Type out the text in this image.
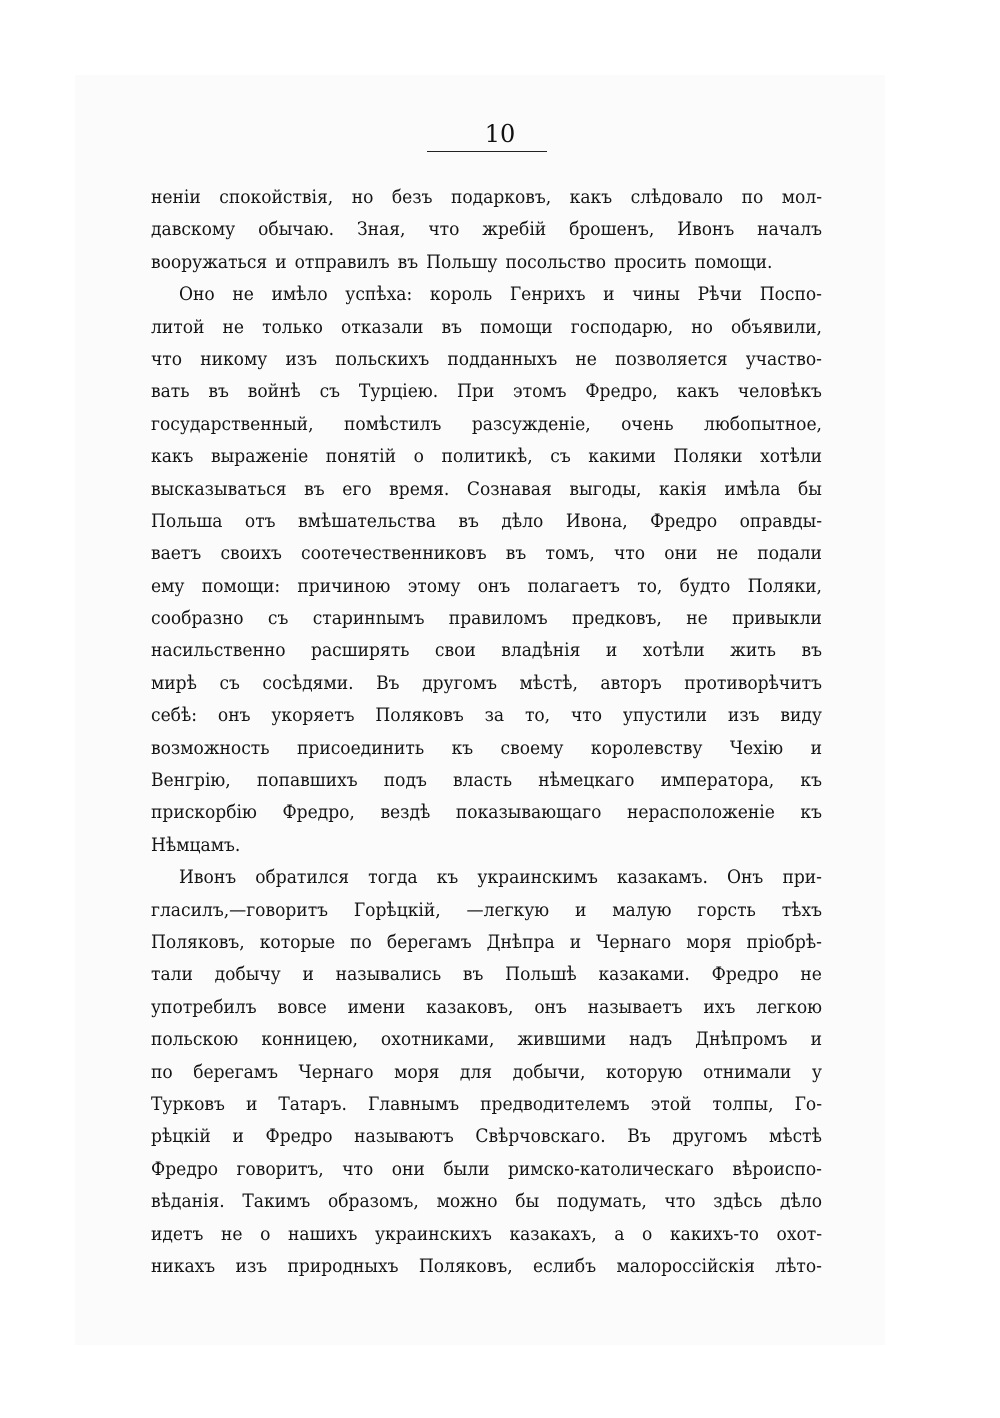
10
неніи спокойствія, но безъ подарковъ, какъ слѣдовало по мол-
давскому обычаю. Зная, что жребій брошенъ, Ивонъ началъ
вооружаться и отправилъ въ Польшу посольство просить помощи.
Оно не имѣло успѣха: король Генрихъ и чины Рѣчи Поспо-
литой не только отказали въ помощи господарю, но объявили,
что никому изъ польскихъ подданныхъ не позволяется участво-
вать въ войнѣ съ Турціею. При этомъ Фредро, какъ человѣкъ
государственный, помѣстилъ разсужденіе, очень любопытное,
какъ выраженіе понятій о политикѣ, съ какими Поляки хотѣли
высказываться въ его время. Сознавая выгоды, какія имѣла бы
Польша отъ вмѣшательства въ дѣло Ивона, Фредро оправды-
ваетъ своихъ соотечественниковъ въ томъ, что они не подали
ему помощи: причиною этому онъ полагаетъ то, будто Поляки,
сообразно съ старинnымъ правиломъ предковъ, не привыкли
насильственно расширять свои владѣнія и хотѣли жить въ
мирѣ съ сосѣдями. Въ другомъ мѣстѣ, авторъ противорѣчитъ
себѣ: онъ укоряетъ Поляковъ за то, что упустили изъ виду
возможность присоединить къ своему королевству Чехію и
Венгрію, попавшихъ подъ власть нѣмецкаго императора, къ
прискорбію Фредро, вездѣ показывающаго нерасположеніе къ
Нѣмцамъ.
Ивонъ обратился тогда къ украинскимъ казакамъ. Онъ при-
гласилъ,—говоритъ Горѣцкій, —легкую и малую горсть тѣхъ
Поляковъ, которые по берегамъ Днѣпра и Чернаго моря пріобрѣ-
тали добычу и назывались въ Польшѣ казаками. Фредро не
употребилъ вовсе имени казаковъ, онъ называетъ ихъ легкою
польскою конницею, охотниками, жившими надъ Днѣпромъ и
по берегамъ Чернаго моря для добычи, которую отнимали у
Турковъ и Татаръ. Главнымъ предводителемъ этой толпы, Го-
рѣцкій и Фредро называютъ Свѣрчовскаго. Въ другомъ мѣстѣ
Фредро говоритъ, что они были римско-католическаго вѣроиспо-
вѣданія. Такимъ образомъ, можно бы подумать, что здѣсь дѣло
идетъ не о нашихъ украинскихъ казакахъ, а о какихъ-то охот-
никахъ изъ природныхъ Поляковъ, еслибъ малороссійскія лѣто-
